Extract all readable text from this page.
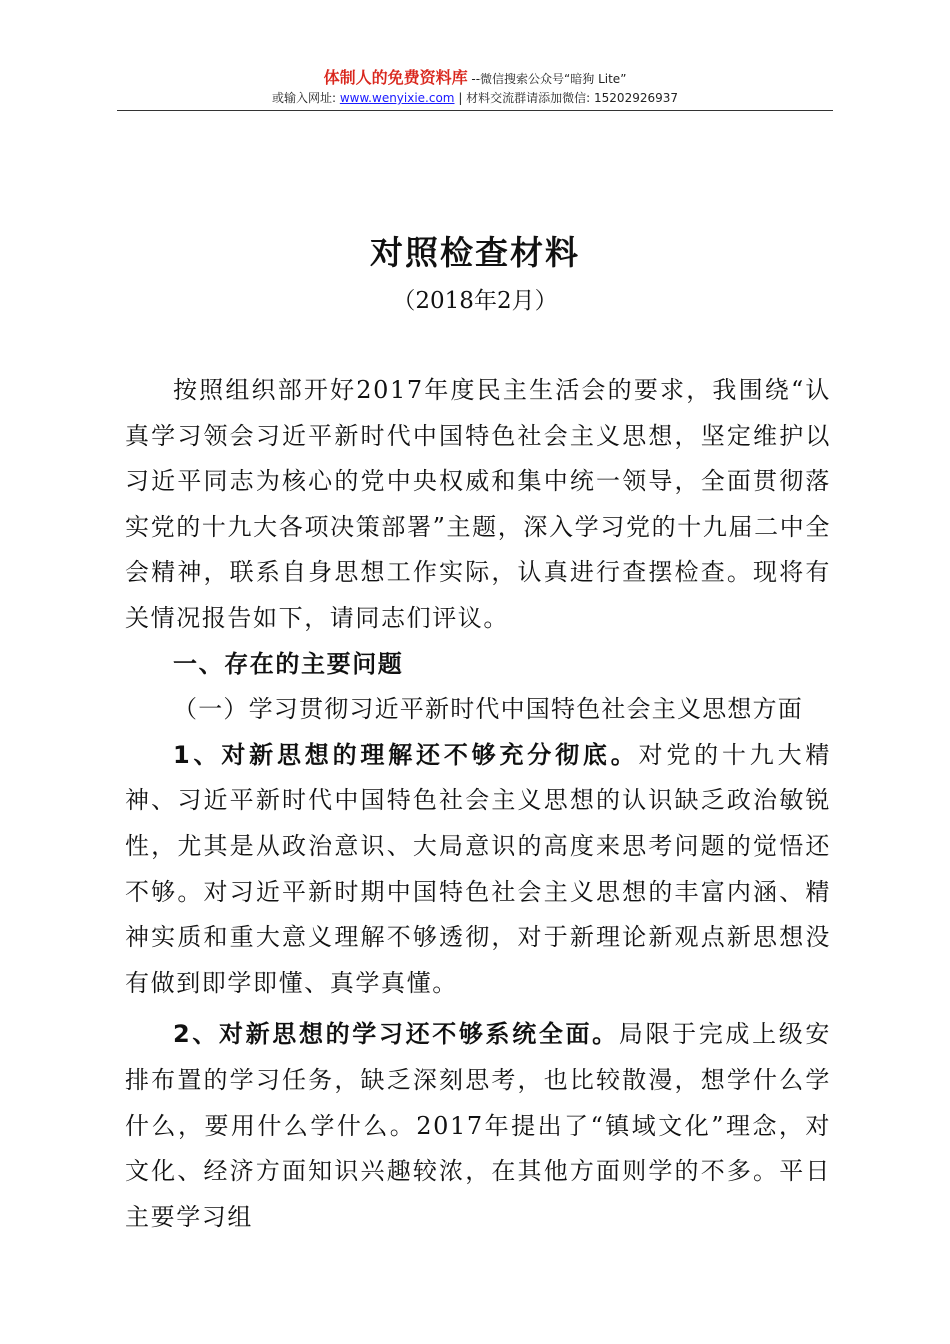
体制人的免费资料库 --微信搜索公众号“暗狗 Lite”
或输入网址: www.wenyixie.com | 材料交流群请添加微信: 15202926937
对照检查材料
（2018年2月）

按照组织部开好2017年度民主生活会的要求，我围绕“认真学习领会习近平新时代中国特色社会主义思想，坚定维护以习近平同志为核心的党中央权威和集中统一领导，全面贯彻落实党的十九大各项决策部署”主题，深入学习党的十九届二中全会精神，联系自身思想工作实际，认真进行查摆检查。现将有关情况报告如下，请同志们评议。

一、存在的主要问题

（一）学习贯彻习近平新时代中国特色社会主义思想方面

1、对新思想的理解还不够充分彻底。对党的十九大精神、习近平新时代中国特色社会主义思想的认识缺乏政治敏锐性，尤其是从政治意识、大局意识的高度来思考问题的觉悟还不够。对习近平新时期中国特色社会主义思想的丰富内涵、精神实质和重大意义理解不够透彻，对于新理论新观点新思想没有做到即学即懂、真学真懂。

2、对新思想的学习还不够系统全面。局限于完成上级安排布置的学习任务，缺乏深刻思考，也比较散漫，想学什么学什么，要用什么学什么。2017年提出了“镇域文化”理念，对文化、经济方面知识兴趣较浓，在其他方面则学的不多。平日主要学习组
